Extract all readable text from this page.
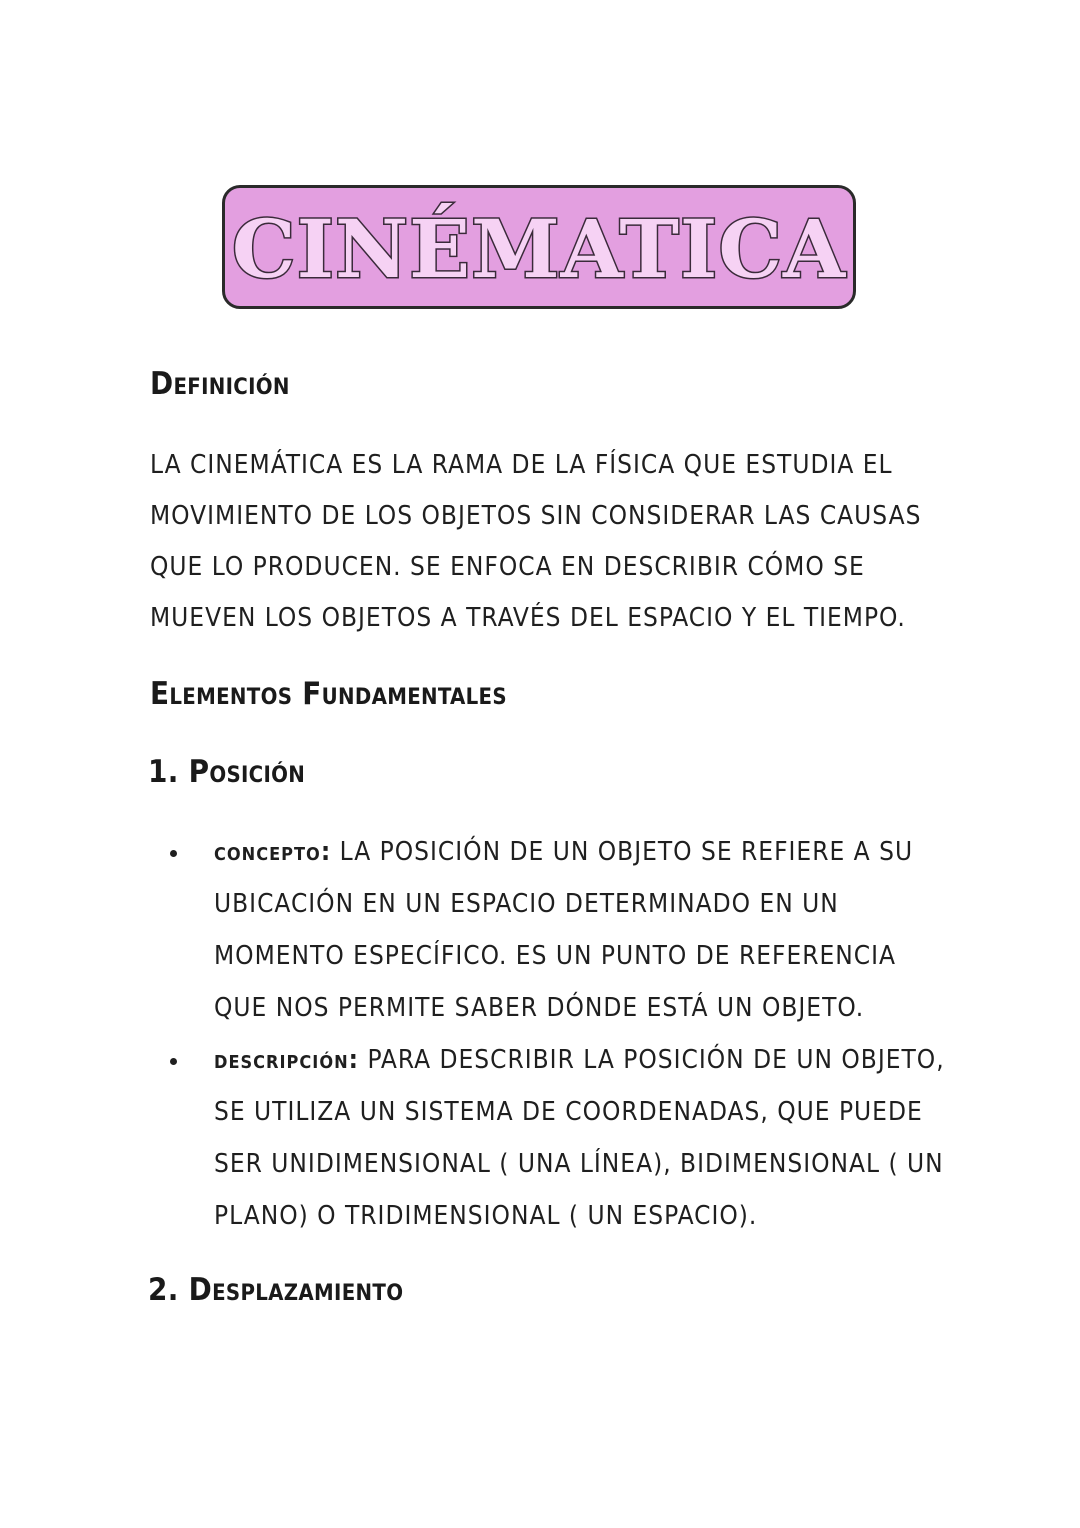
CINÉMATICA
Definición
LA CINEMÁTICA ES LA RAMA DE LA FÍSICA QUE ESTUDIA EL MOVIMIENTO DE LOS OBJETOS SIN CONSIDERAR LAS CAUSAS QUE LO PRODUCEN. SE ENFOCA EN DESCRIBIR CÓMO SE MUEVEN LOS OBJETOS A TRAVÉS DEL ESPACIO Y EL TIEMPO.
Elementos Fundamentales
1. Posición
concepto: LA POSICIÓN DE UN OBJETO SE REFIERE A SU UBICACIÓN EN UN ESPACIO DETERMINADO EN UN MOMENTO ESPECÍFICO. ES UN PUNTO DE REFERENCIA QUE NOS PERMITE SABER DÓNDE ESTÁ UN OBJETO.
descripción: PARA DESCRIBIR LA POSICIÓN DE UN OBJETO, SE UTILIZA UN SISTEMA DE COORDENADAS, QUE PUEDE SER UNIDIMENSIONAL ( UNA LÍNEA), BIDIMENSIONAL ( UN PLANO) O TRIDIMENSIONAL ( UN ESPACIO).
2. Desplazamiento
